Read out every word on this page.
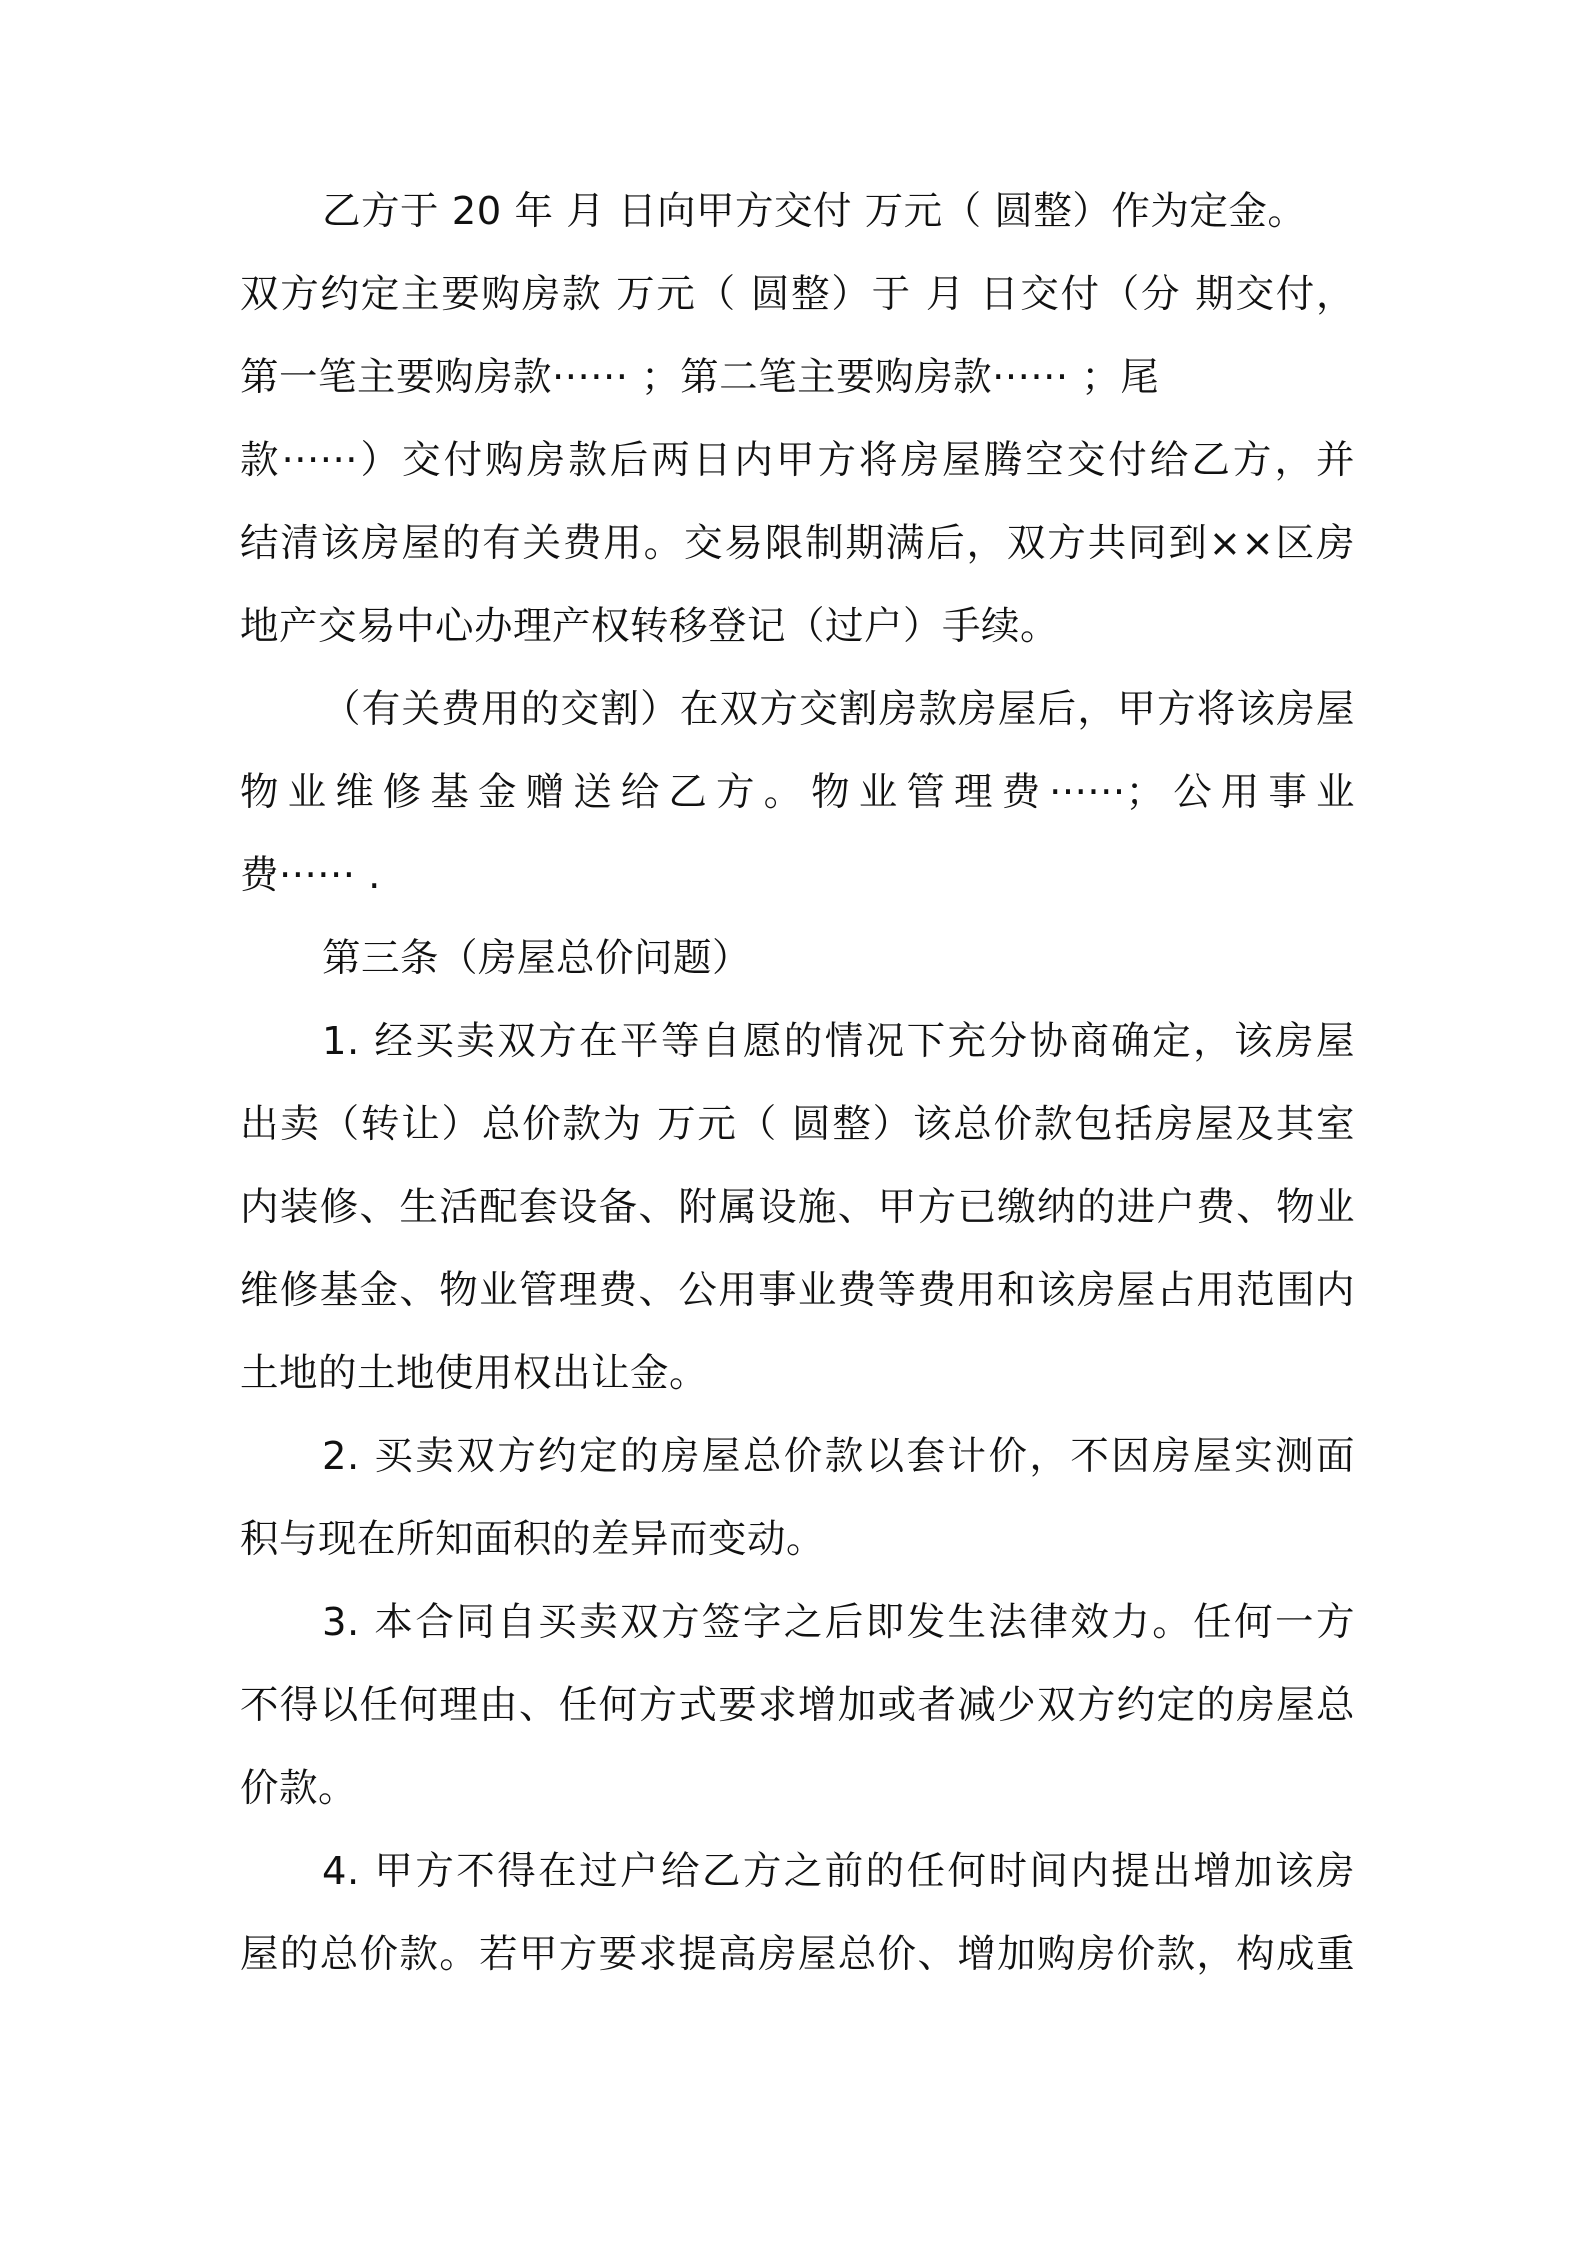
乙方于 20 年 月 日向甲方交付 万元（ 圆整）作为定金。
双方约定主要购房款 万元（ 圆整）于 月 日交付（分 期交付，
第一笔主要购房款······ ；第二笔主要购房款······ ；尾
款······）交付购房款后两日内甲方将房屋腾空交付给乙方，并
结清该房屋的有关费用。交易限制期满后，双方共同到××区房
地产交易中心办理产权转移登记（过户）手续。
（有关费用的交割）在双方交割房款房屋后，甲方将该房屋
物业维修基金赠送给乙方。物业管理费······；公用事业
费······ .
第三条（房屋总价问题）
1. 经买卖双方在平等自愿的情况下充分协商确定，该房屋
出卖（转让）总价款为 万元（ 圆整）该总价款包括房屋及其室
内装修、生活配套设备、附属设施、甲方已缴纳的进户费、物业
维修基金、物业管理费、公用事业费等费用和该房屋占用范围内
土地的土地使用权出让金。
2. 买卖双方约定的房屋总价款以套计价，不因房屋实测面
积与现在所知面积的差异而变动。
3. 本合同自买卖双方签字之后即发生法律效力。任何一方
不得以任何理由、任何方式要求增加或者减少双方约定的房屋总
价款。
4. 甲方不得在过户给乙方之前的任何时间内提出增加该房
屋的总价款。若甲方要求提高房屋总价、增加购房价款，构成重
